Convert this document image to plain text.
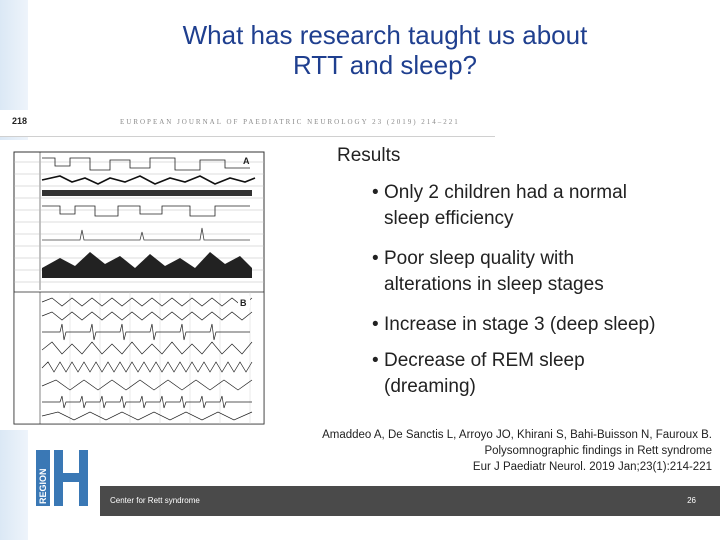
What has research taught us about
RTT and sleep?
218	EUROPEAN JOURNAL OF PAEDIATRIC NEUROLOGY 23 (2019) 214–221
A
B
Results
• Only 2 children had a normal
sleep efficiency
• Poor sleep quality with
alterations in sleep stages
• Increase in stage 3 (deep sleep)
• Decrease of REM sleep
(dreaming)
Amaddeo A, De Sanctis L, Arroyo JO, Khirani S, Bahi-Buisson N, Fauroux B.
Polysomnographic findings in Rett syndrome
Eur J Paediatr Neurol. 2019 Jan;23(1):214-221
REGION	Center for Rett syndrome	26
